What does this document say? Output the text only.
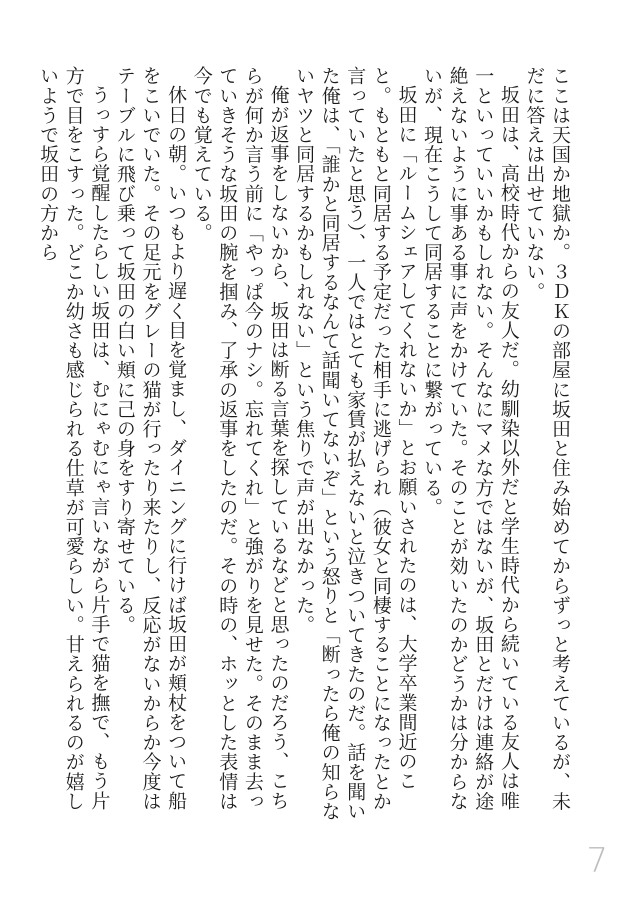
ここは天国か地獄か。３ＤＫの部屋に坂田と住み始めてからずっと考えているが、未だに答えは出せていない。

坂田は、高校時代からの友人だ。幼馴染以外だと学生時代から続いている友人は唯一といっていいかもしれない。そんなにマメな方ではないが、坂田とだけは連絡が途絶えないように事ある事に声をかけていた。そのことが効いたのかどうかは分からないが、現在こうして同居することに繋がっている。

坂田に「ルームシェアしてくれないか」とお願いされたのは、大学卒業間近のこと。もともと同居する予定だった相手に逃げられ（彼女と同棲することになったとか言っていたと思う）、一人ではとても家賃が払えないと泣きついてきたのだ。話を聞いた俺は、「誰かと同居するなんて話聞いてないぞ」という怒りと「断ったら俺の知らないヤツと同居するかもしれない」という焦りで声が出なかった。

俺が返事をしないから、坂田は断る言葉を探しているなどと思ったのだろう、こちらが何か言う前に「やっぱ今のナシ。忘れてくれ」と強がりを見せた。そのまま去っていきそうな坂田の腕を掴み、了承の返事をしたのだ。その時の、ホッとした表情は今でも覚えている。

休日の朝。いつもより遅く目を覚まし、ダイニングに行けば坂田が頬杖をついて船をこいでいた。その足元をグレーの猫が行ったり来たりし、反応がないからか今度はテーブルに飛び乗って坂田の白い頬に己の身をすり寄せている。

うっすら覚醒したらしい坂田は、むにゃむにゃ言いながら片手で猫を撫で、もう片方で目をこすった。どこか幼さも感じられる仕草が可愛らしい。甘えられるのが嬉しいようで坂田の方から

7
